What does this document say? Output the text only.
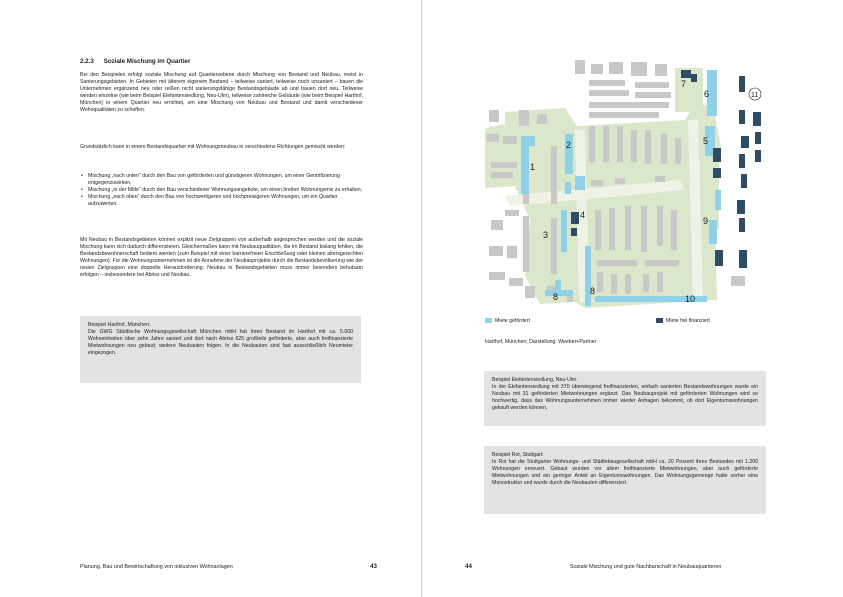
2.2.3 Soziale Mischung im Quartier

Bei den Beispielen erfolgt soziale Mischung auf Quartiersebene durch Mischung von Bestand und Neubau, meist in Sanierungsgebieten. In Gebieten mit älterem eigenem Bestand – teilweise saniert, teilweise noch unsaniert – bauen die Unternehmen ergänzend neu oder reißen nicht sanierungsfähige Bestandsgebäude ab und bauen dort neu. Teilweise werden einzelne (wie beim Beispiel Elefantensiedlung, Neu-Ulm), teilweise zahlreiche Gebäude (wie beim Beispiel Harthof, München) in einem Quartier neu errichtet, um eine Mischung von Neubau und Bestand und damit verschiedener Wohnqualitäten zu schaffen.

Grundsätzlich kann in einem Bestandsquartier mit Wohnungsneubau in verschiedene Richtungen gemischt werden:

• Mischung „nach unten“ durch den Bau von geförderten und günstigeren Wohnungen, um einer Gentrifizierung entgegenzuwirken,
• Mischung „in der Mitte“ durch den Bau verschiedener Wohnungsangebote, um einen breiten Wohnungsmix zu erhalten,
• Mischung „nach oben“ durch den Bau von hochwertigeren und hochpreisigeren Wohnungen, um ein Quartier aufzuwerten.

Mit Neubau in Bestandsgebieten können explizit neue Zielgruppen von außerhalb angesprochen werden und die soziale Mischung kann sich dadurch differenzieren. Gleichermaßen kann mit Neubauqualitäten, die im Bestand bislang fehlten, die Bestandsbewohnerschaft bedient werden (zum Beispiel mit einer barrierefreien Erschließung oder kleinen altersgerechten Wohnungen). Für die Wohnungsunternehmen ist die Annahme der Neubauprojekte durch die Bestandsbevölkerung wie der neuen Zielgruppen eine doppelte Herausforderung. Neubau in Bestandsgebieten muss immer besonders behutsam erfolgen – insbesondere bei Abriss und Neubau.

Beispiel Harthof, München:

Die GWG Städtische Wohnungsgesellschaft München mbH hat ihren Bestand im Harthof mit ca. 5.000 Wohneinheiten über zehn Jahre saniert und dort nach Abriss 625 großteils geförderte, aber auch freifinanzierte Mietwohnungen neu gebaut; weitere Neubauten folgen. In die Neubauten sind fast ausschließlich Neumieter eingezogen.

Planung, Bau und Bewirtschaftung von inklusiven Wohnanlagen	43
1
2
3
4
5
6
7
8
8
9
10
11
Miete gefördert	Miete frei finanziert
Harthof, München; Darstellung: Weeber+Partner

Beispiel Elefantensiedlung, Neu-Ulm:

In der Elefantensiedlung mit 370 überwiegend freifinanzierten, einfach sanierten Bestandswohnungen wurde ein Neubau mit 31 geförderten Mietwohnungen ergänzt. Das Neubauprojekt mit geförderten Wohnungen wird so hochwertig, dass das Wohnungsunternehmen immer wieder Anfragen bekommt, ob dort Eigentumswohnungen gekauft werden können.

Beispiel Rot, Stuttgart:

In Rot hat die Stuttgarter Wohnungs- und Städtebaugesellschaft mbH ca. 20 Prozent ihres Bestandes mit 1.200 Wohnungen erneuert. Gebaut wurden vor allem freifinanzierte Mietwohnungen, aber auch geförderte Mietwohnungen und ein geringer Anteil an Eigentumswohnungen. Das Wohnungsgemenge hatte vorher eine Monostruktur und wurde durch die Neubauten differenziert.

44	Soziale Mischung und gute Nachbarschaft in Neubauquartieren
